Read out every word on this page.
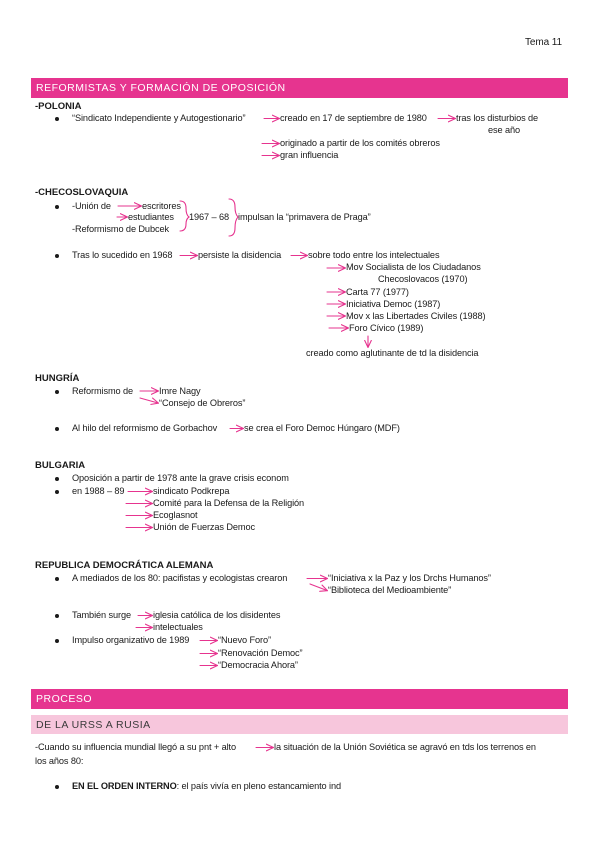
Tema 11
REFORMISTAS Y FORMACIÓN DE OPOSICIÓN
-POLONIA
“Sindicato Independiente y Autogestionario”	creado en 17 de septiembre de 1980	tras los disturbios de
ese año
originado a partir de los comités obreros
gran influencia
-CHECOSLOVAQUIA
-Unión de	escritores
estudiantes 1967 – 68 impulsan la “primavera de Praga”
-Reformismo de Dubcek
Tras lo sucedido en 1968	persiste la disidencia	sobre todo entre los intelectuales
Mov Socialista de los Ciudadanos
Checoslovacos (1970)
Carta 77 (1977)
Iniciativa Democ (1987)
Mov x las Libertades Civiles (1988)
Foro Cívico (1989)
creado como aglutinante de td la disidencia
HUNGRÍA
Reformismo de	Imre Nagy
“Consejo de Obreros”
Al hilo del reformismo de Gorbachov	se crea el Foro Democ Húngaro (MDF)
BULGARIA
Oposición a partir de 1978 ante la grave crisis econom
en 1988 – 89	sindicato Podkrepa
Comité para la Defensa de la Religión
Ecoglasnot
Unión de Fuerzas Democ
REPUBLICA DEMOCRÁTICA ALEMANA
A mediados de los 80: pacifistas y ecologistas crearon	“Iniciativa x la Paz y los Drchs Humanos”
“Biblioteca del Medioambiente”
También surge iglesia católica de los disidentes
intelectuales
Impulso organizativo de 1989	“Nuevo Foro”
“Renovación Democ”
“Democracia Ahora”
PROCESO
DE LA URSS A RUSIA
-Cuando su influencia mundial llegó a su pnt + alto	la situación de la Unión Soviética se agravó en tds los terrenos en
los años 80:
EN EL ORDEN INTERNO: el país vivía en pleno estancamiento ind
